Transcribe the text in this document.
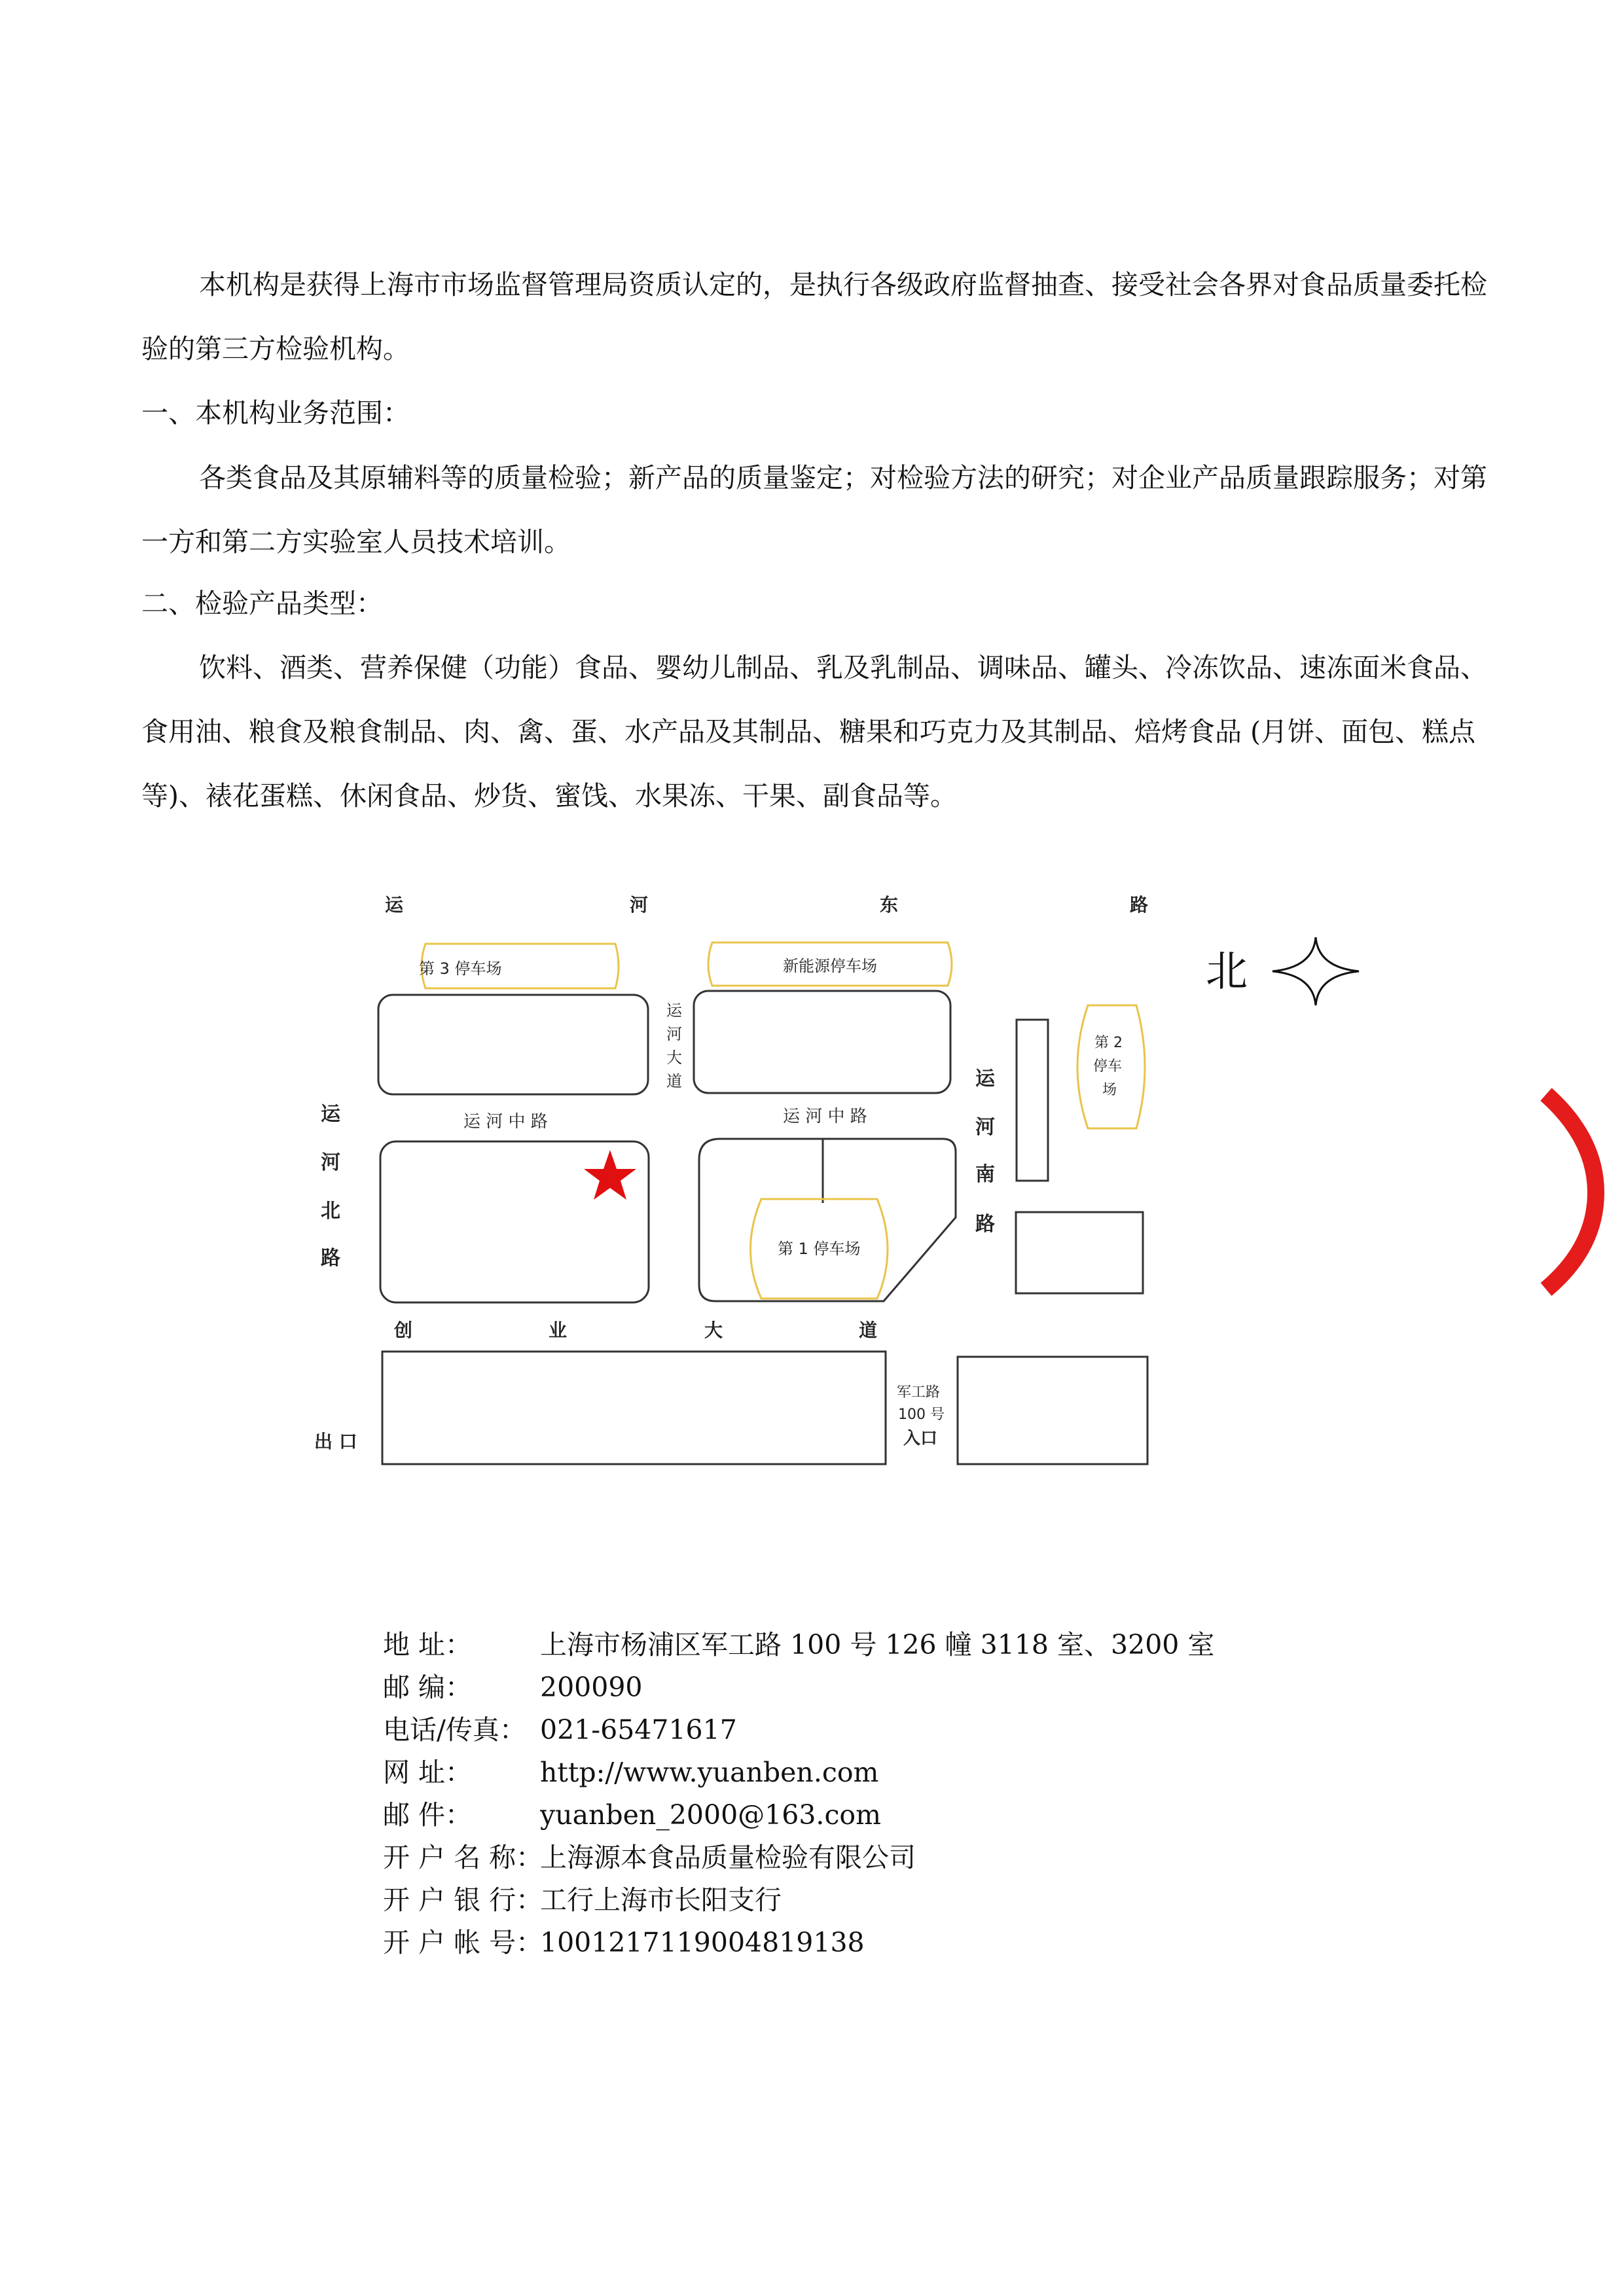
本机构是获得上海市市场监督管理局资质认定的，是执行各级政府监督抽查、接受社会各界对食品质量委托检验的第三方检验机构。
一、本机构业务范围：
各类食品及其原辅料等的质量检验；新产品的质量鉴定；对检验方法的研究；对企业产品质量跟踪服务；对第一方和第二方实验室人员技术培训。
二、检验产品类型：
饮料、酒类、营养保健（功能）食品、婴幼儿制品、乳及乳制品、调味品、罐头、冷冻饮品、速冻面米食品、食用油、粮食及粮食制品、肉、禽、蛋、水产品及其制品、糖果和巧克力及其制品、焙烤食品 (月饼、面包、糕点等)、裱花蛋糕、休闲食品、炒货、蜜饯、水果冻、干果、副食品等。
第 3 停车场	新能源停车场
第 1 停车场
第 2
停车
场
运	河	东	路
运
河
大
道
运 河 中 路	运 河 中 路
运
河
北
路
运
河
南
路
创	业	大	道
出 口
军工路
100 号
入口
北
地 址：	上海市杨浦区军工路 100 号 126 幢 3118 室、3200 室
邮 编：	200090
电话/传真： 021-65471617
网 址：	http://www.yuanben.com
邮 件：	yuanben_2000@163.com
开 户 名 称：上海源本食品质量检验有限公司
开 户 银 行：工行上海市长阳支行
开 户 帐 号：1001217119004819138
